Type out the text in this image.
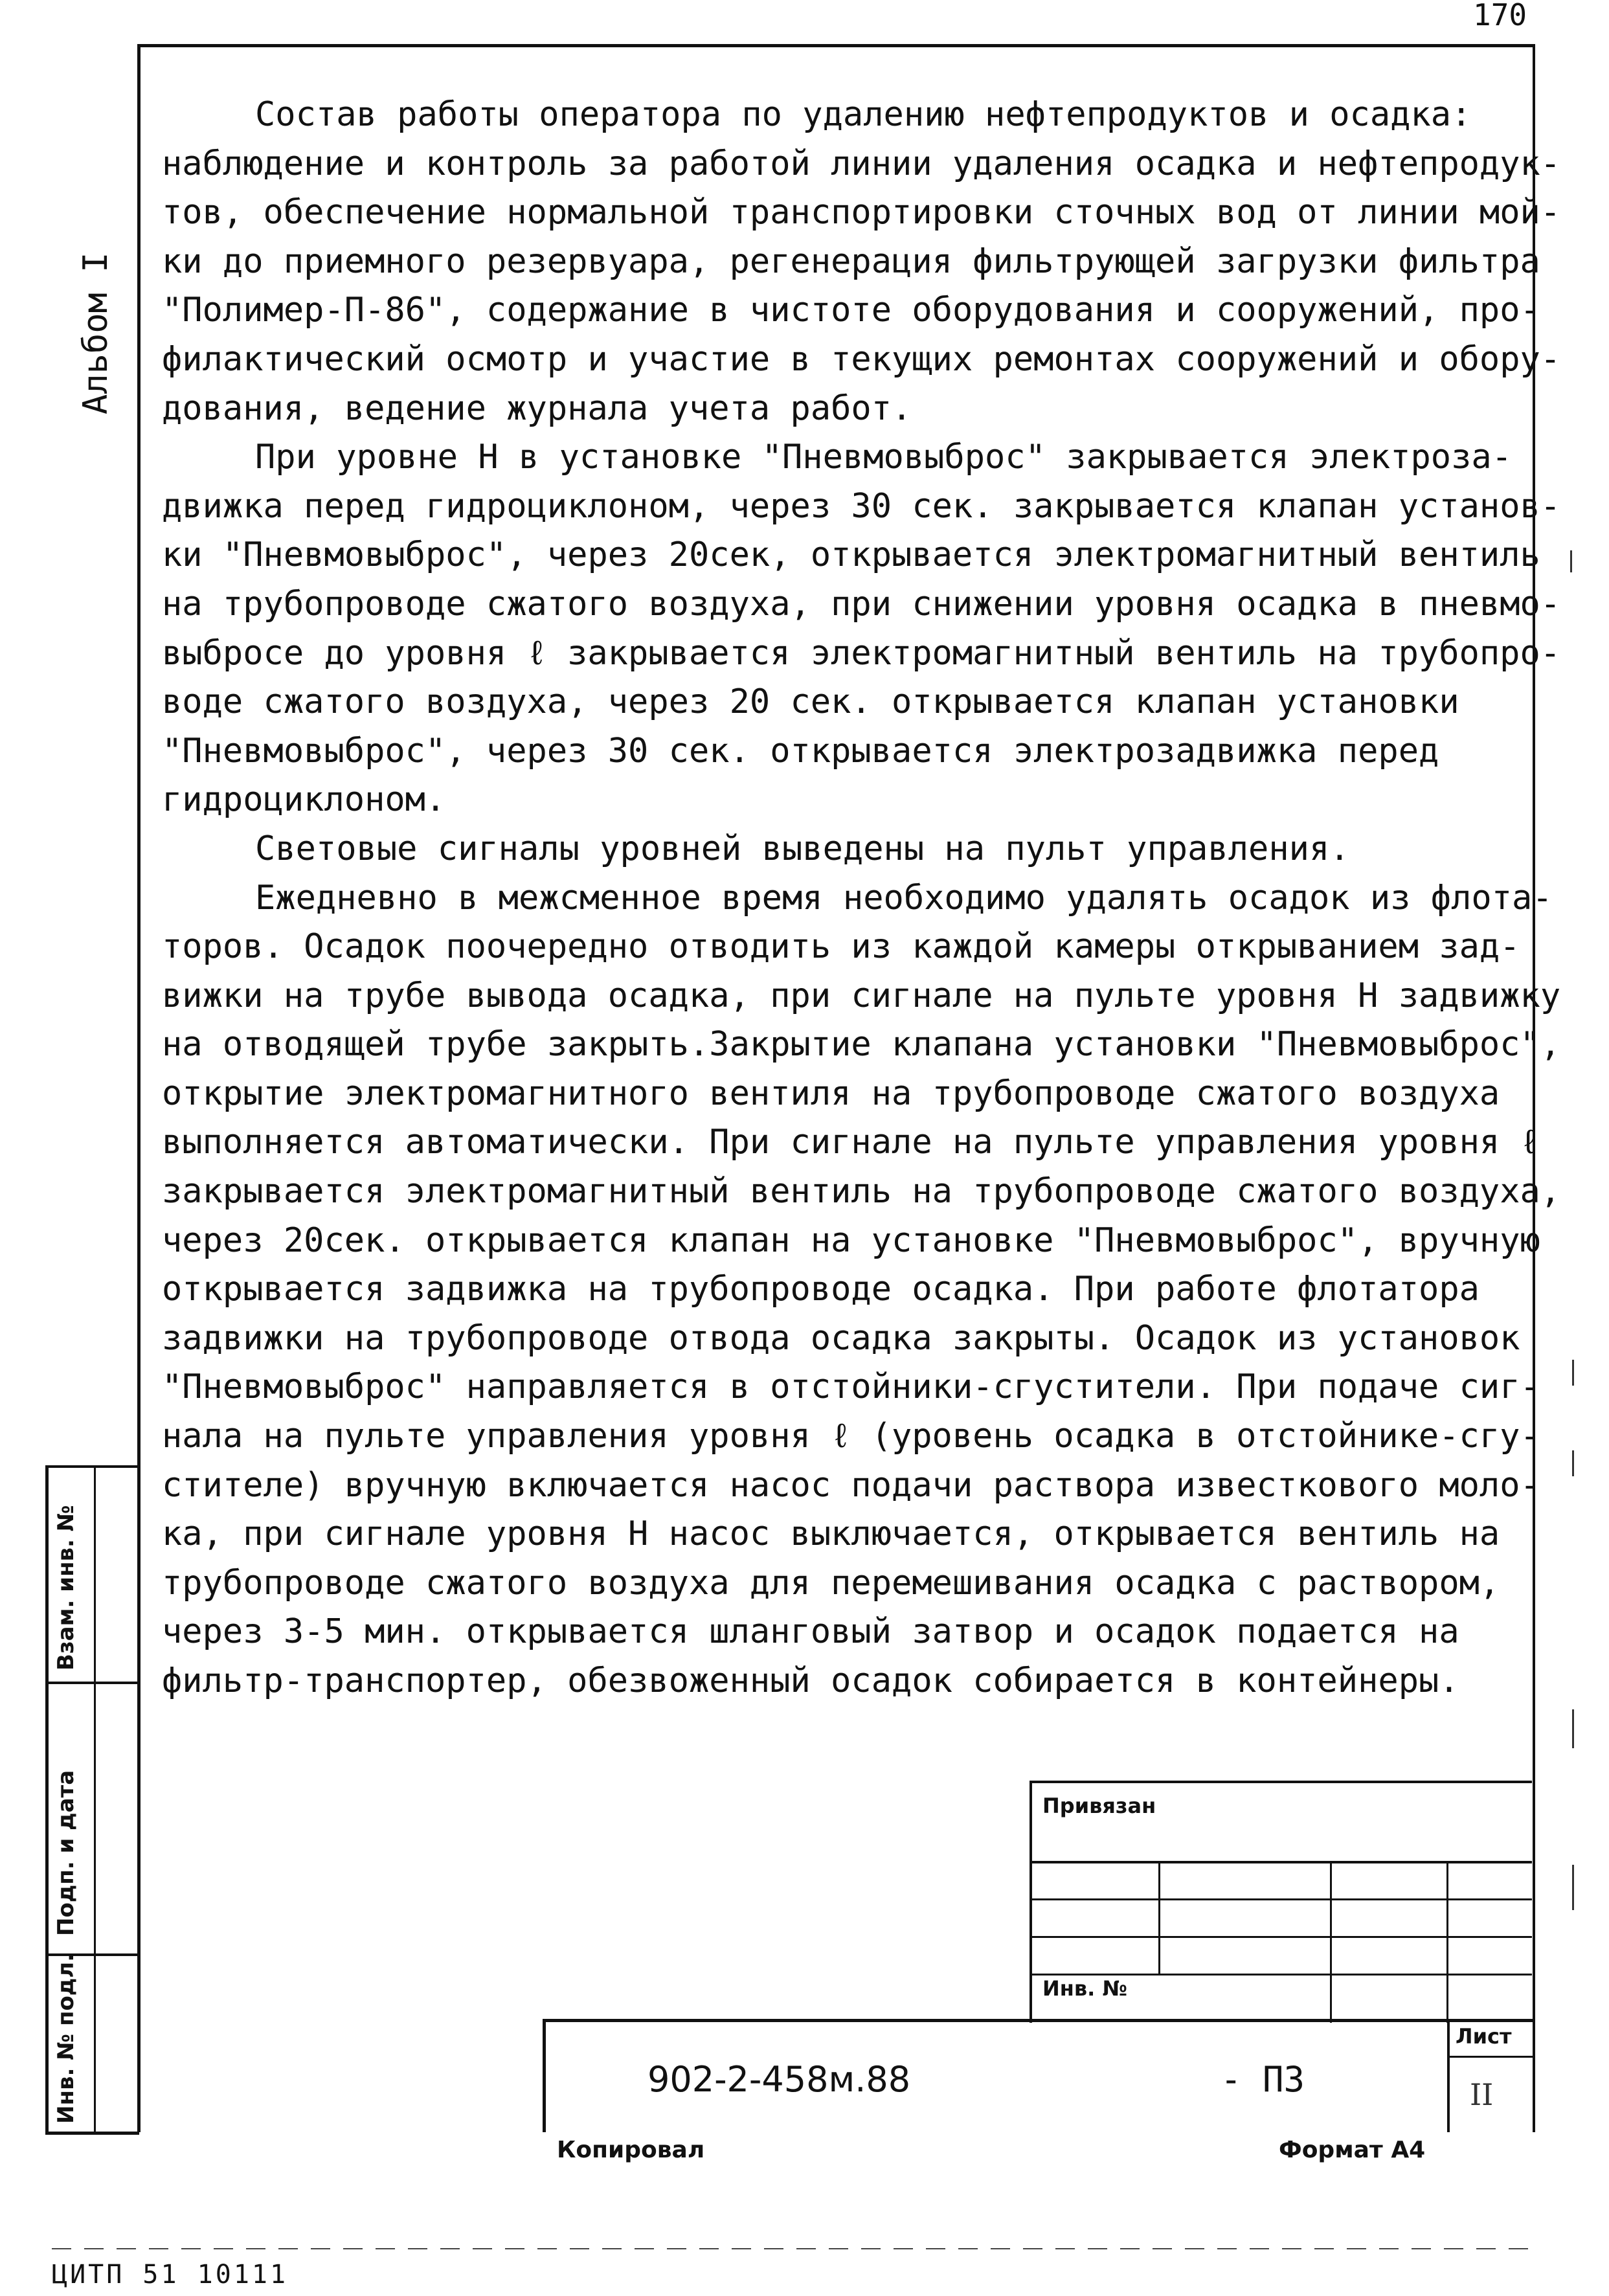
170
Альбом I
Взам. инв. №
Подп. и дата
Инв. № подл.
Состав работы оператора по удалению нефтепродуктов и осадка:
наблюдение и контроль за работой линии удаления осадка и нефтепродук-
тов, обеспечение нормальной транспортировки сточных вод от линии мой-
ки до приемного резервуара, регенерация фильтрующей загрузки фильтра
"Полимер-П-86", содержание в чистоте оборудования и сооружений, про-
филактический осмотр и участие в текущих ремонтах сооружений и обору-
дования, ведение журнала учета работ.
При уровне Н в установке "Пневмовыброс" закрывается электроза-
движка перед гидроциклоном, через 30 сек. закрывается клапан установ-
ки "Пневмовыброс", через 20сек, открывается электромагнитный вентиль
на трубопроводе сжатого воздуха, при снижении уровня осадка в пневмо-
выбросе до уровня ℓ закрывается электромагнитный вентиль на трубопро-
воде сжатого воздуха, через 20 сек. открывается клапан установки
"Пневмовыброс", через 30 сек. открывается электрозадвижка перед
гидроциклоном.
Световые сигналы уровней выведены на пульт управления.
Ежедневно в межсменное время необходимо удалять осадок из флота-
торов. Осадок поочередно отводить из каждой камеры открыванием зад-
вижки на трубе вывода осадка, при сигнале на пульте уровня Н задвижку
на отводящей трубе закрыть.Закрытие клапана установки "Пневмовыброс",
открытие электромагнитного вентиля на трубопроводе сжатого воздуха
выполняется автоматически. При сигнале на пульте управления уровня ℓ
закрывается электромагнитный вентиль на трубопроводе сжатого воздуха,
через 20сек. открывается клапан на установке "Пневмовыброс", вручную
открывается задвижка на трубопроводе осадка. При работе флотатора
задвижки на трубопроводе отвода осадка закрыты. Осадок из установок
"Пневмовыброс" направляется в отстойники-сгустители. При подаче сиг-
нала на пульте управления уровня ℓ (уровень осадка в отстойнике-сгу-
стителе) вручную включается насос подачи раствора известкового моло-
ка, при сигнале уровня Н насос выключается, открывается вентиль на
трубопроводе сжатого воздуха для перемешивания осадка с раствором,
через 3-5 мин. открывается шланговый затвор и осадок подается на
фильтр-транспортер, обезвоженный осадок собирается в контейнеры.
Привязан
Инв. №
Лист
902-2-458м.88	- ПЗ	II
Копировал	Формат А4
ЦИТП 51 10111
